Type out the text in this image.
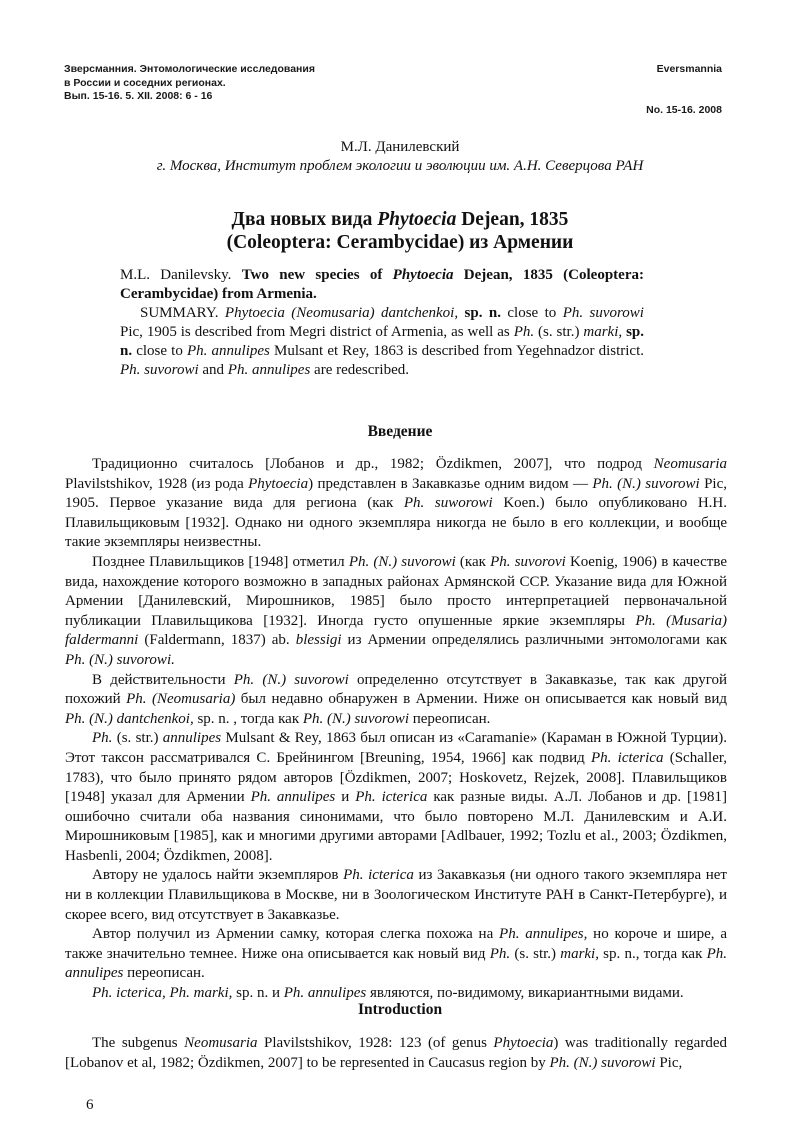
Зверсманния. Энтомологические исследования
в России и соседних регионах.
Вып. 15-16. 5. XII. 2008: 6 - 16
Eversmannia
No. 15-16. 2008
М.Л. Данилевский
г. Москва, Институт проблем экологии и эволюции им. А.Н. Северцова РАН
Два новых вида Phytoecia Dejean, 1835
(Coleoptera: Cerambycidae) из Армении

M.L. Danilevsky. Two new species of Phytoecia Dejean, 1835 (Coleoptera: Cerambycidae) from Armenia.

SUMMARY. Phytoecia (Neomusaria) dantchenkoi, sp. n. close to Ph. suvorowi Pic, 1905 is described from Megri district of Armenia, as well as Ph. (s. str.) marki, sp. n. close to Ph. annulipes Mulsant et Rey, 1863 is described from Yegehnadzor district. Ph. suvorowi and Ph. annulipes are redescribed.

Введение

Традиционно считалось [Лобанов и др., 1982; Özdikmen, 2007], что подрод Neomusaria Plavilstshikov, 1928 (из рода Phytoecia) представлен в Закавказье одним видом — Ph. (N.) suvorowi Pic, 1905. Первое указание вида для региона (как Ph. suworowi Koen.) было опубликовано Н.Н. Плавильщиковым [1932]. Однако ни одного экземпляра никогда не было в его коллекции, и вообще такие экземпляры неизвестны.

Позднее Плавильщиков [1948] отметил Ph. (N.) suvorowi (как Ph. suvorovi Koenig, 1906) в качестве вида, нахождение которого возможно в западных районах Армянской ССР. Указание вида для Южной Армении [Данилевский, Мирошников, 1985] было просто интерпретацией первоначальной публикации Плавильщикова [1932]. Иногда густо опушенные яркие экземпляры Ph. (Musaria) faldermanni (Faldermann, 1837) ab. blessigi из Армении определялись различными энтомологами как Ph. (N.) suvorowi.

В действительности Ph. (N.) suvorowi определенно отсутствует в Закавказье, так как другой похожий Ph. (Neomusaria) был недавно обнаружен в Армении. Ниже он описывается как новый вид Ph. (N.) dantchenkoi, sp. n. , тогда как Ph. (N.) suvorowi переописан.

Ph. (s. str.) annulipes Mulsant & Rey, 1863 был описан из «Caramanie» (Караман в Южной Турции). Этот таксон рассматривался С. Брейнингом [Breuning, 1954, 1966] как подвид Ph. icterica (Schaller, 1783), что было принято рядом авторов [Özdikmen, 2007; Hoskovetz, Rejzek, 2008]. Плавильщиков [1948] указал для Армении Ph. annulipes и Ph. icterica как разные виды. А.Л. Лобанов и др. [1981] ошибочно считали оба названия синонимами, что было повторено М.Л. Данилевским и А.И. Мирошниковым [1985], как и многими другими авторами [Adlbauer, 1992; Tozlu et al., 2003; Özdikmen, Hasbenli, 2004; Özdikmen, 2008].

Автору не удалось найти экземпляров Ph. icterica из Закавказья (ни одного такого экземпляра нет ни в коллекции Плавильщикова в Москве, ни в Зоологическом Институте РАН в Санкт-Петербурге), и скорее всего, вид отсутствует в Закавказье.

Автор получил из Армении самку, которая слегка похожа на Ph. annulipes, но короче и шире, а также значительно темнее. Ниже она описывается как новый вид Ph. (s. str.) marki, sp. n., тогда как Ph. annulipes переописан.

Ph. icterica, Ph. marki, sp. n. и Ph. annulipes являются, по-видимому, викариантными видами.

Introduction

The subgenus Neomusaria Plavilstshikov, 1928: 123 (of genus Phytoecia) was traditionally regarded [Lobanov et al, 1982; Özdikmen, 2007] to be represented in Caucasus region by Ph. (N.) suvorowi Pic,

6
